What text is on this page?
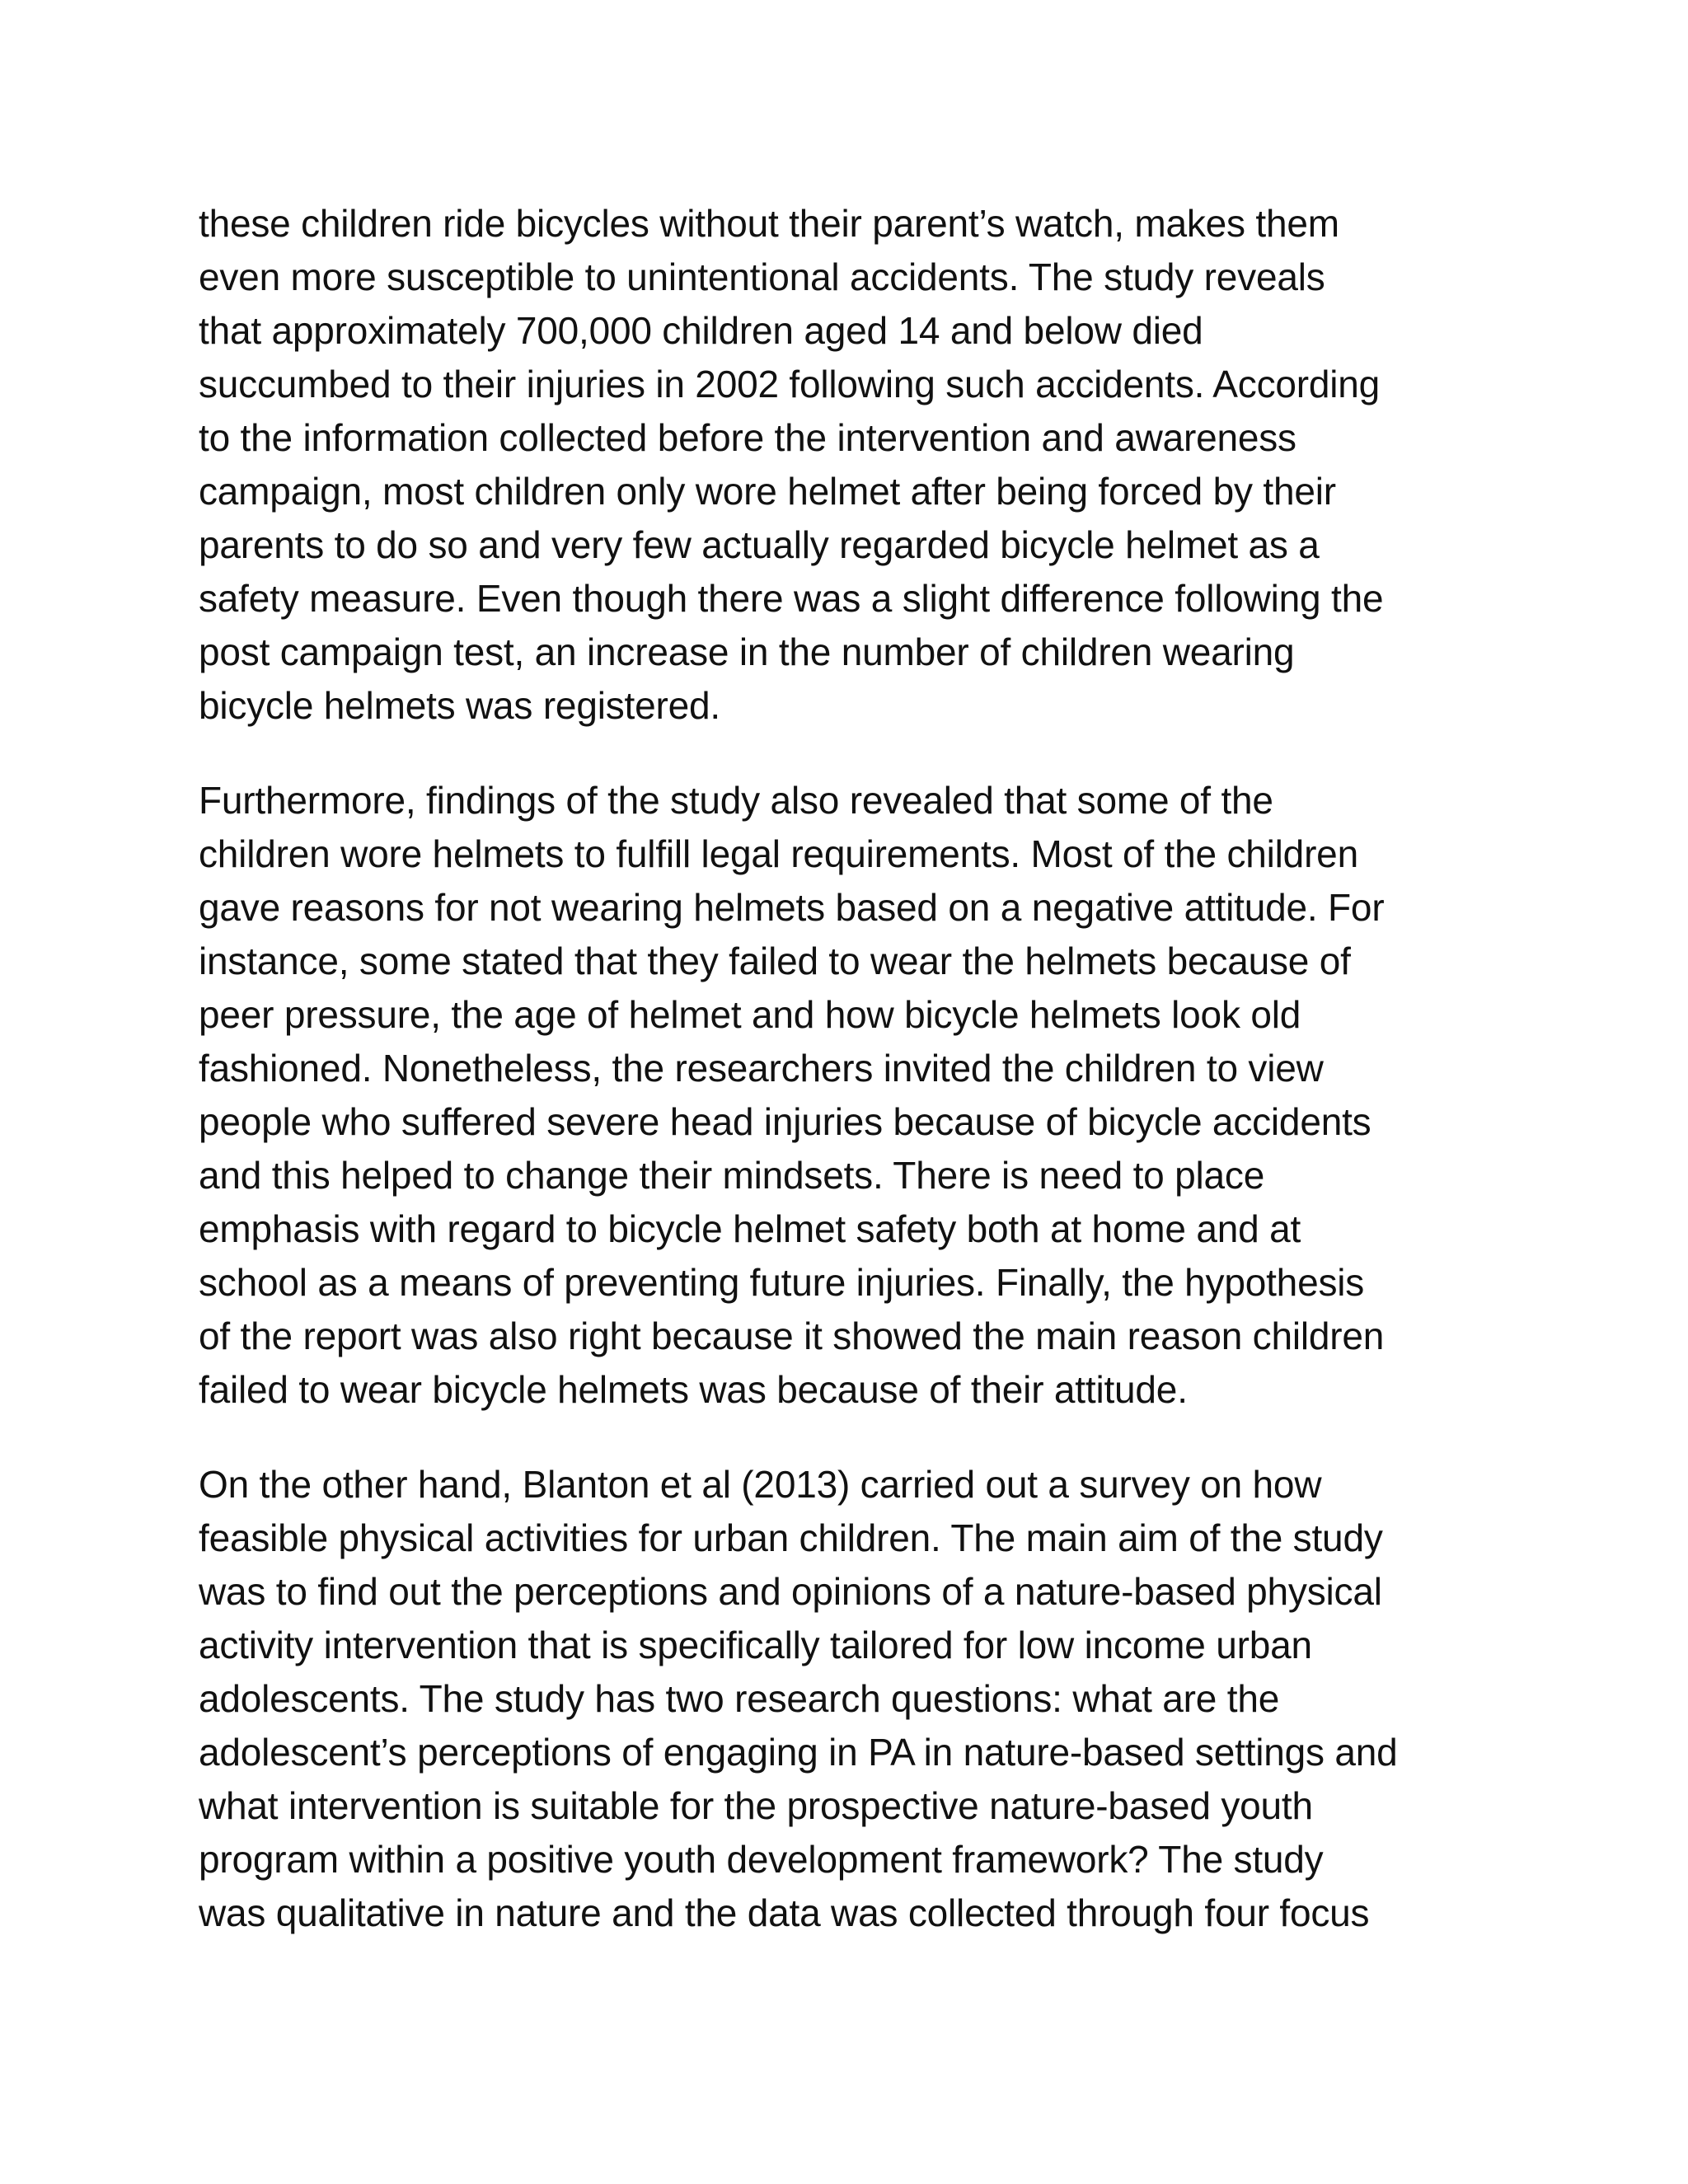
these children ride bicycles without their parent’s watch, makes them
even more susceptible to unintentional accidents. The study reveals
that approximately 700,000 children aged 14 and below died
succumbed to their injuries in 2002 following such accidents. According
to the information collected before the intervention and awareness
campaign, most children only wore helmet after being forced by their
parents to do so and very few actually regarded bicycle helmet as a
safety measure. Even though there was a slight difference following the
post campaign test, an increase in the number of children wearing
bicycle helmets was registered.

Furthermore, findings of the study also revealed that some of the
children wore helmets to fulfill legal requirements. Most of the children
gave reasons for not wearing helmets based on a negative attitude. For
instance, some stated that they failed to wear the helmets because of
peer pressure, the age of helmet and how bicycle helmets look old
fashioned. Nonetheless, the researchers invited the children to view
people who suffered severe head injuries because of bicycle accidents
and this helped to change their mindsets. There is need to place
emphasis with regard to bicycle helmet safety both at home and at
school as a means of preventing future injuries. Finally, the hypothesis
of the report was also right because it showed the main reason children
failed to wear bicycle helmets was because of their attitude.

On the other hand, Blanton et al (2013) carried out a survey on how
feasible physical activities for urban children. The main aim of the study
was to find out the perceptions and opinions of a nature-based physical
activity intervention that is specifically tailored for low income urban
adolescents. The study has two research questions: what are the
adolescent’s perceptions of engaging in PA in nature-based settings and
what intervention is suitable for the prospective nature-based youth
program within a positive youth development framework? The study
was qualitative in nature and the data was collected through four focus
